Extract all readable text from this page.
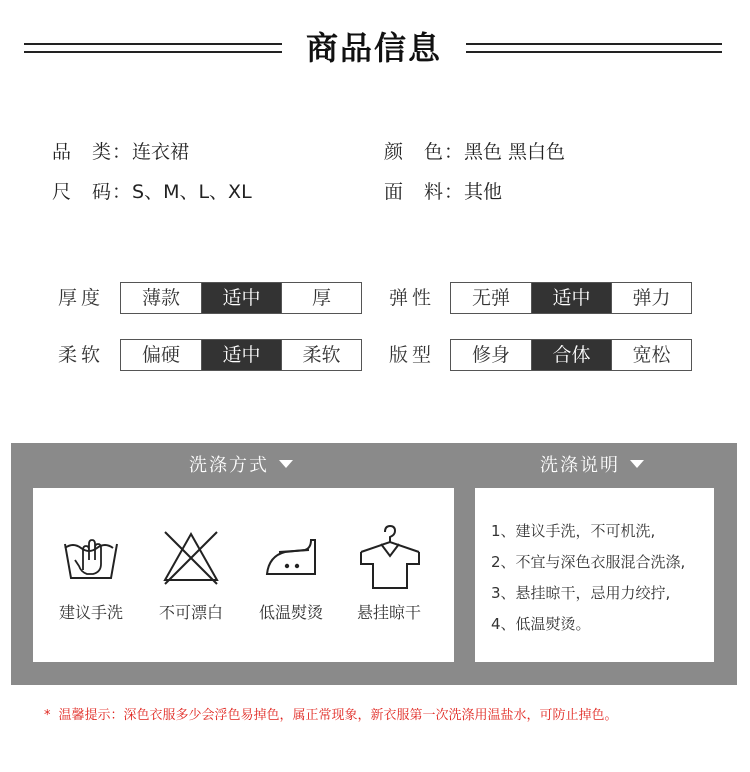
商品信息
品　类：连衣裙	颜　色：黑色 黑白色
尺　码：S、M、L、XL	面　料：其他
厚度	薄款	适中	厚	弹性	无弹	适中	弹力
柔软	偏硬	适中	柔软	版型	修身	合体	宽松
洗涤方式	洗涤说明
建议手洗	不可漂白	低温熨烫	悬挂晾干
1、建议手洗，不可机洗,
2、不宜与深色衣服混合洗涤,
3、悬挂晾干，忌用力绞拧,
4、低温熨烫。
* 温馨提示：深色衣服多少会浮色易掉色，属正常现象，新衣服第一次洗涤用温盐水，可防止掉色。
